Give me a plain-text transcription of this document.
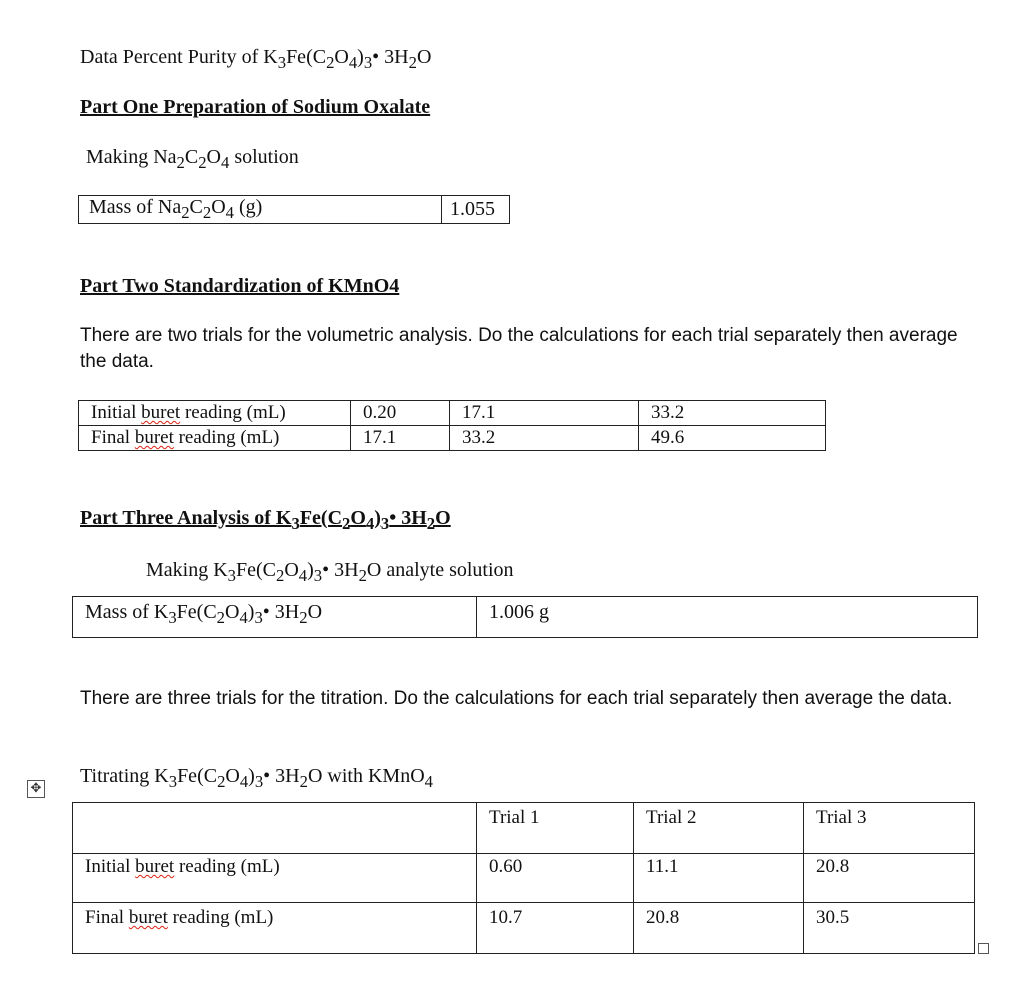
Data Percent Purity of $K_3Fe(C_2O_4)_3•$ $3H_2O$
Part One Preparation of Sodium Oxalate
Making $Na_2C_2O_4$ solution
Mass of $Na_2C_2O_4$ (g)	1.055
Part Two Standardization of KMnO4
There are two trials for the volumetric analysis. Do the calculations for each trial separately then average the data.
Initial buret reading (mL)	0.20	17.1	33.2
Final buret reading (mL)	17.1	33.2	49.6
Part Three Analysis of $K_3Fe(C_2O_4)_3•$ $3H_2O$
Making $K_3Fe(C_2O_4)_3•$ $3H_2O$ analyte solution
Mass of $K_3Fe(C_2O_4)_3•$ $3H_2O$	1.006 g
There are three trials for the titration. Do the calculations for each trial separately then average the data.
Titrating $K_3Fe(C_2O_4)_3•$ $3H_2O$ with KMnO$_4$
✥
	Trial 1	Trial 2	Trial 3
Initial buret reading (mL)	0.60	11.1	20.8
Final buret reading (mL)	10.7	20.8	30.5
